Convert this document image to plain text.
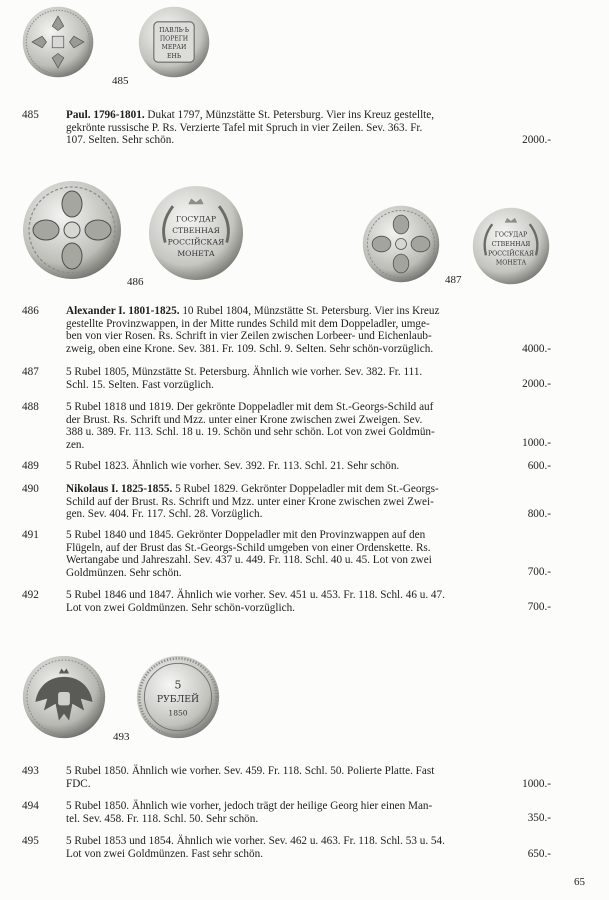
ПАВЛЬ·Ь
ПОРЕГИ
МЕРАИ
ЕНЬ
485
ГОСУДАР
СТВЕННАЯ
РОССІЙСКАЯ
МОНЕТА
486
ГОСУДАР
СТВЕННАЯ
РОССІЙСКАЯ
МОНЕТА
487
5
РУБЛЕЙ
1850
493
485 Paul. 1796-1801. Dukat 1797, Münzstätte St. Petersburg. Vier ins Kreuz gestellte,
gekrönte russische P. Rs. Verzierte Tafel mit Spruch in vier Zeilen. Sev. 363. Fr.
107. Selten. Sehr schön.	2000.-
486 Alexander I. 1801-1825. 10 Rubel 1804, Münzstätte St. Petersburg. Vier ins Kreuz
gestellte Provinzwappen, in der Mitte rundes Schild mit dem Doppeladler, umge-
ben von vier Rosen. Rs. Schrift in vier Zeilen zwischen Lorbeer- und Eichenlaub-
zweig, oben eine Krone. Sev. 381. Fr. 109. Schl. 9. Selten. Sehr schön-vorzüglich.	4000.-
487 5 Rubel 1805, Münzstätte St. Petersburg. Ähnlich wie vorher. Sev. 382. Fr. 111.
Schl. 15. Selten. Fast vorzüglich.	2000.-
488 5 Rubel 1818 und 1819. Der gekrönte Doppeladler mit dem St.-Georgs-Schild auf
der Brust. Rs. Schrift und Mzz. unter einer Krone zwischen zwei Zweigen. Sev.
388 u. 389. Fr. 113. Schl. 18 u. 19. Schön und sehr schön. Lot von zwei Goldmün-
zen.	1000.-
489 5 Rubel 1823. Ähnlich wie vorher. Sev. 392. Fr. 113. Schl. 21. Sehr schön.	600.-
490 Nikolaus I. 1825-1855. 5 Rubel 1829. Gekrönter Doppeladler mit dem St.-Georgs-
Schild auf der Brust. Rs. Schrift und Mzz. unter einer Krone zwischen zwei Zwei-
gen. Sev. 404. Fr. 117. Schl. 28. Vorzüglich.	800.-
491 5 Rubel 1840 und 1845. Gekrönter Doppeladler mit den Provinzwappen auf den
Flügeln, auf der Brust das St.-Georgs-Schild umgeben von einer Ordenskette. Rs.
Wertangabe und Jahreszahl. Sev. 437 u. 449. Fr. 118. Schl. 40 u. 45. Lot von zwei
Goldmünzen. Sehr schön.	700.-
492 5 Rubel 1846 und 1847. Ähnlich wie vorher. Sev. 451 u. 453. Fr. 118. Schl. 46 u. 47.
Lot von zwei Goldmünzen. Sehr schön-vorzüglich.	700.-
493 5 Rubel 1850. Ähnlich wie vorher. Sev. 459. Fr. 118. Schl. 50. Polierte Platte. Fast
FDC.	1000.-
494 5 Rubel 1850. Ähnlich wie vorher, jedoch trägt der heilige Georg hier einen Man-
tel. Sev. 458. Fr. 118. Schl. 50. Sehr schön.	350.-
495 5 Rubel 1853 und 1854. Ähnlich wie vorher. Sev. 462 u. 463. Fr. 118. Schl. 53 u. 54.
Lot von zwei Goldmünzen. Fast sehr schön.	650.-
65
